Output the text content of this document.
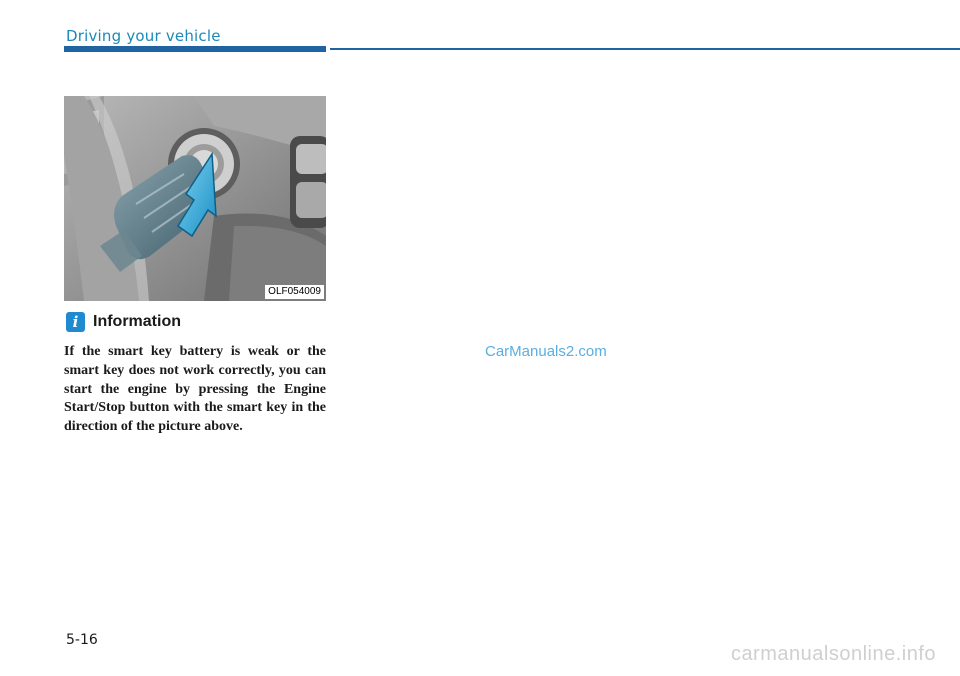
Driving your vehicle
OLF054009
i Information

If the smart key battery is weak or the smart key does not work correctly, you can start the engine by pressing the Engine Start/Stop button with the smart key in the direction of the picture above.

CarManuals2.com
5-16
carmanualsonline.info
